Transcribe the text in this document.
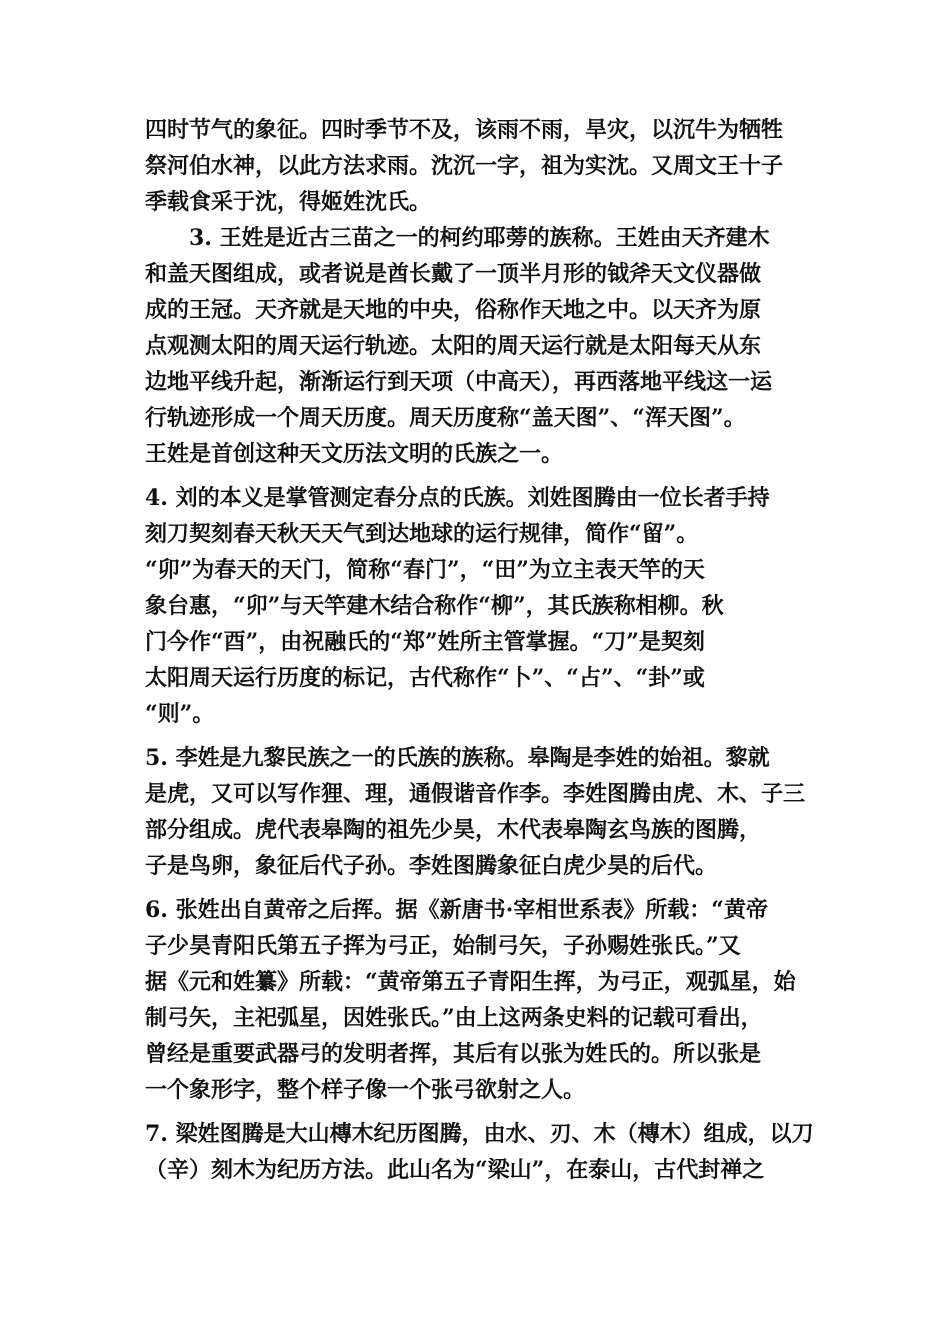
四时节气的象征。四时季节不及，该雨不雨，旱灾，以沉牛为牺牲
祭河伯水神，以此方法求雨。沈沉一字，祖为实沈。又周文王十子
季载食采于沈，得姬姓沈氏。
　　3. 王姓是近古三苗之一的柯约耶蒡的族称。王姓由天齐建木
和盖天图组成，或者说是酋长戴了一顶半月形的钺斧天文仪器做
成的王冠。天齐就是天地的中央，俗称作天地之中。以天齐为原
点观测太阳的周天运行轨迹。太阳的周天运行就是太阳每天从东
边地平线升起，渐渐运行到天项（中高天），再西落地平线这一运
行轨迹形成一个周天历度。周天历度称“盖天图”、“浑天图”。
王姓是首创这种天文历法文明的氏族之一。
4. 刘的本义是掌管测定春分点的氏族。刘姓图腾由一位长者手持
刻刀契刻春天秋天天气到达地球的运行规律，简作“留”。
“卯”为春天的天门，简称“春门”，“田”为立主表天竿的天
象台惠，“卯”与天竿建木结合称作“柳”，其氏族称相柳。秋
门今作“酉”，由祝融氏的“郑”姓所主管掌握。“刀”是契刻
太阳周天运行历度的标记，古代称作“卜”、“占”、“卦”或
“则”。
5. 李姓是九黎民族之一的氏族的族称。皋陶是李姓的始祖。黎就
是虎，又可以写作狸、理，通假谐音作李。李姓图腾由虎、木、子三
部分组成。虎代表皋陶的祖先少昊，木代表皋陶玄鸟族的图腾，
子是鸟卵，象征后代子孙。李姓图腾象征白虎少昊的后代。
6. 张姓出自黄帝之后挥。据《新唐书·宰相世系表》所载：“黄帝
子少昊青阳氏第五子挥为弓正，始制弓矢，子孙赐姓张氏。”又
据《元和姓纂》所载：“黄帝第五子青阳生挥，为弓正，观弧星，始
制弓矢，主祀弧星，因姓张氏。”由上这两条史料的记载可看出，
曾经是重要武器弓的发明者挥，其后有以张为姓氏的。所以张是
一个象形字，整个样子像一个张弓欲射之人。
7. 梁姓图腾是大山槫木纪历图腾，由水、刃、木（槫木）组成，以刀
（辛）刻木为纪历方法。此山名为“梁山”，在泰山，古代封禅之
